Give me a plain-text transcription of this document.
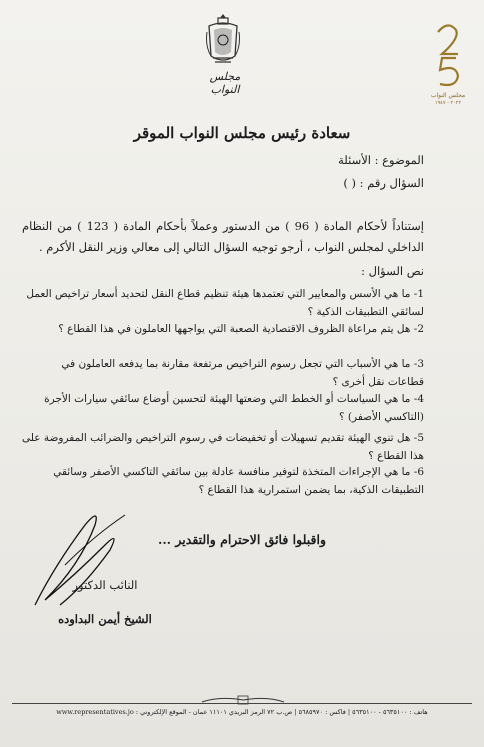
مجلس النواب	مجلس النواب
٢٠٢٢ - ١٩٤٧
سعادة رئيس مجلس النواب الموقر
الموضوع : الأسئلة
السؤال رقم : ( )
إستناداً لأحكام المادة ( 96 ) من الدستور وعملاً بأحكام المادة ( 123 ) من النظام الداخلي لمجلس النواب ، أرجو توجيه السؤال التالي إلى معالي وزير النقل الأكرم .
نص السؤال :
1- ما هي الأسس والمعايير التي تعتمدها هيئة تنظيم قطاع النقل لتحديد أسعار تراخيص العمل لسائقي التطبيقات الذكية ؟
2- هل يتم مراعاة الظروف الاقتصادية الصعبة التي يواجهها العاملون في هذا القطاع ؟
3- ما هي الأسباب التي تجعل رسوم التراخيص مرتفعة مقارنة بما يدفعه العاملون في قطاعات نقل أخرى ؟
4- ما هي السياسات أو الخطط التي وضعتها الهيئة لتحسين أوضاع سائقي سيارات الأجرة (التاكسي الأصفر) ؟
5- هل تنوي الهيئة تقديم تسهيلات أو تخفيضات في رسوم التراخيص والضرائب المفروضة على هذا القطاع ؟
6- ما هي الإجراءات المتخذة لتوفير منافسة عادلة بين سائقي التاكسي الأصفر وسائقي التطبيقات الذكية، بما يضمن استمرارية هذا القطاع ؟
واقبلوا فائق الاحترام والتقدير ...
النائب الدكتور
الشيخ أيمن البداوده
هاتف : ٥٦٣٥١٠٠ - ٥٦٣٥١٠٠ | فاكس : ٥٦٨٥٩٧٠ | ص.ب ٧٢ الرمز البريدي ١١١٠١ عمان - الموقع الإلكتروني : www.representatives.jo
